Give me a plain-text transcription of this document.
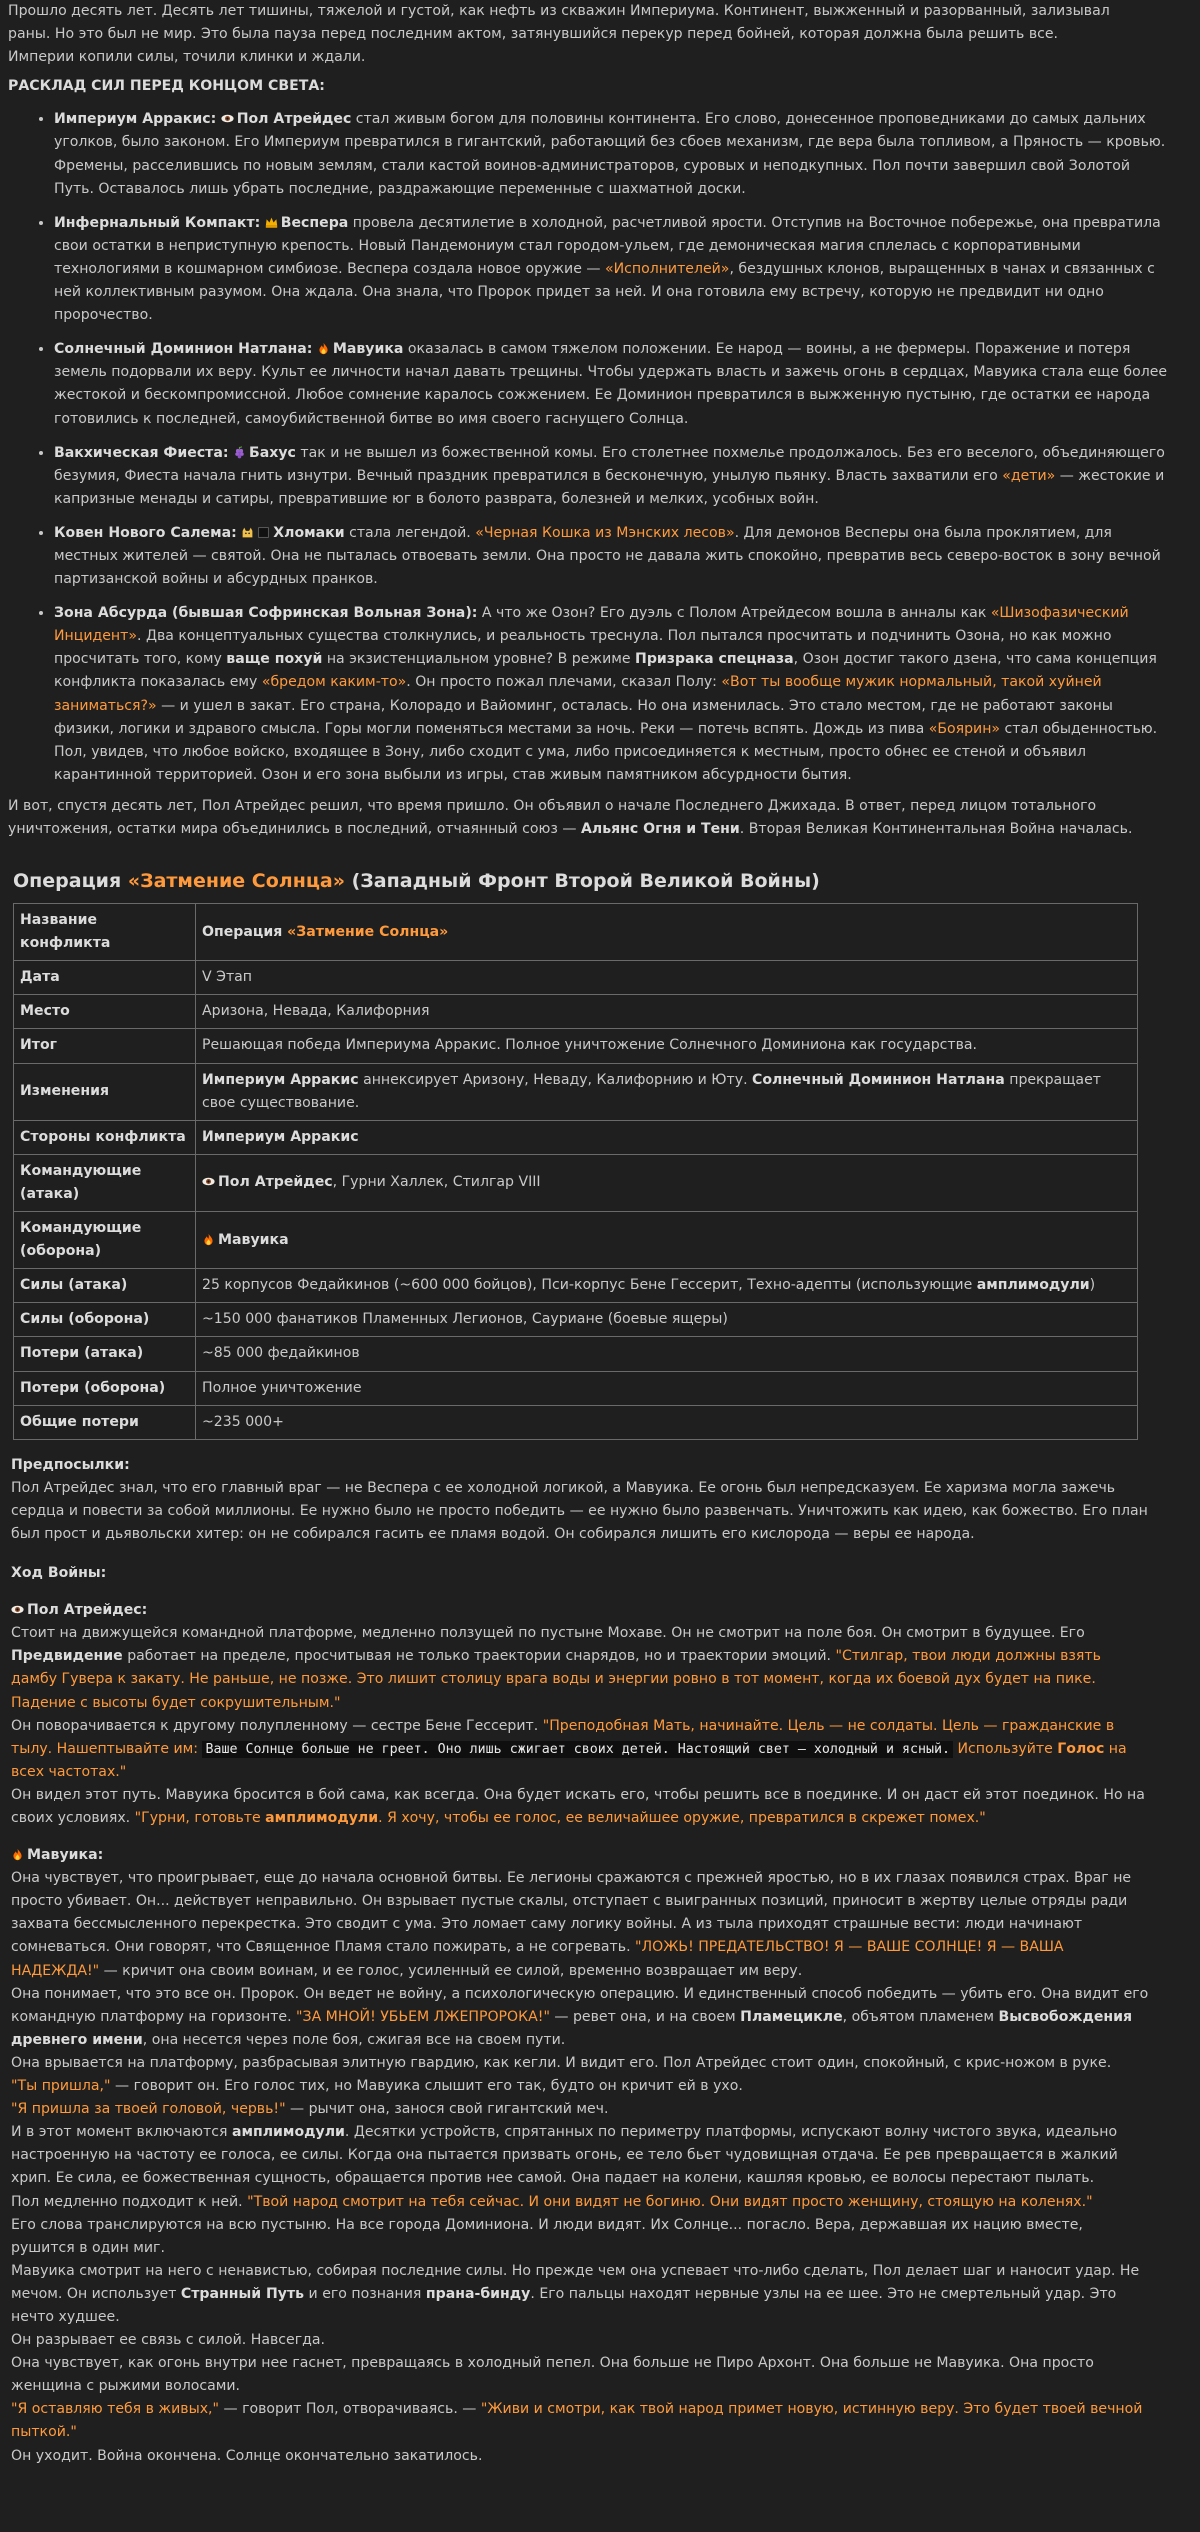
Прошло десять лет. Десять лет тишины, тяжелой и густой, как нефть из скважин Империума. Континент, выжженный и разорванный, зализывал

раны. Но это был не мир. Это была пауза перед последним актом, затянувшийся перекур перед бойней, которая должна была решить все.

Империи копили силы, точили клинки и ждали.

РАСКЛАД СИЛ ПЕРЕД КОНЦОМ СВЕТА:

• Империум Арракис: Пол Атрейдес стал живым богом для половины континента. Его слово, донесенное проповедниками до самых дальних уголков, было законом. Его Империум превратился в гигантский, работающий без сбоев механизм, где вера была топливом, а Пряность — кровью. Фремены, расселившись по новым землям, стали кастой воинов-администраторов, суровых и неподкупных. Пол почти завершил свой Золотой Путь. Оставалось лишь убрать последние, раздражающие переменные с шахматной доски.
• Инфернальный Компакт: Веспера провела десятилетие в холодной, расчетливой ярости. Отступив на Восточное побережье, она превратила свои остатки в неприступную крепость. Новый Пандемониум стал городом-ульем, где демоническая магия сплелась с корпоративными технологиями в кошмарном симбиозе. Веспера создала новое оружие — «Исполнителей», бездушных клонов, выращенных в чанах и связанных с ней коллективным разумом. Она ждала. Она знала, что Пророк придет за ней. И она готовила ему встречу, которую не предвидит ни одно пророчество.
• Солнечный Доминион Натлана: Мавуика оказалась в самом тяжелом положении. Ее народ — воины, а не фермеры. Поражение и потеря земель подорвали их веру. Культ ее личности начал давать трещины. Чтобы удержать власть и зажечь огонь в сердцах, Мавуика стала еще более жестокой и бескомпромиссной. Любое сомнение каралось сожжением. Ее Доминион превратился в выжженную пустыню, где остатки ее народа готовились к последней, самоубийственной битве во имя своего гаснущего Солнца.
• Вакхическая Фиеста: Бахус так и не вышел из божественной комы. Его столетнее похмелье продолжалось. Без его веселого, объединяющего безумия, Фиеста начала гнить изнутри. Вечный праздник превратился в бесконечную, унылую пьянку. Власть захватили его «дети» — жестокие и капризные менады и сатиры, превратившие юг в болото разврата, болезней и мелких, усобных войн.
• Ковен Нового Салема:	Хломаки стала легендой. «Черная Кошка из Мэнских лесов». Для демонов Весперы она была проклятием, для местных жителей — святой. Она не пыталась отвоевать земли. Она просто не давала жить спокойно, превратив весь северо-восток в зону вечной партизанской войны и абсурдных пранков.
• Зона Абсурда (бывшая Софринская Вольная Зона): А что же Озон? Его дуэль с Полом Атрейдесом вошла в анналы как «Шизофазический Инцидент». Два концептуальных существа столкнулись, и реальность треснула. Пол пытался просчитать и подчинить Озона, но как можно просчитать того, кому ваще похуй на экзистенциальном уровне? В режиме Призрака спецназа, Озон достиг такого дзена, что сама концепция конфликта показалась ему «бредом каким-то». Он просто пожал плечами, сказал Полу: «Вот ты вообще мужик нормальный, такой хуйней заниматься?» — и ушел в закат. Его страна, Колорадо и Вайоминг, осталась. Но она изменилась. Это стало местом, где не работают законы физики, логики и здравого смысла. Горы могли поменяться местами за ночь. Реки — потечь вспять. Дождь из пива «Боярин» стал обыденностью. Пол, увидев, что любое войско, входящее в Зону, либо сходит с ума, либо присоединяется к местным, просто обнес ее стеной и объявил карантинной территорией. Озон и его зона выбыли из игры, став живым памятником абсурдности бытия.

И вот, спустя десять лет, Пол Атрейдес решил, что время пришло. Он объявил о начале Последнего Джихада. В ответ, перед лицом тотального уничтожения, остатки мира объединились в последний, отчаянный союз — Альянс Огня и Тени. Вторая Великая Континентальная Война началась.

Операция «Затмение Солнца» (Западный Фронт Второй Великой Войны)
Название конфликта	Операция «Затмение Солнца»
Дата	V Этап
Место	Аризона, Невада, Калифорния
Итог	Решающая победа Империума Арракис. Полное уничтожение Солнечного Доминиона как государства.
Изменения	Империум Арракис аннексирует Аризону, Неваду, Калифорнию и Юту. Солнечный Доминион Натлана прекращает свое существование.
Стороны конфликта	Империум Арракис
Командующие (атака)	Пол Атрейдес, Гурни Халлек, Стилгар VIII
Командующие (оборона)	Мавуика
Силы (атака)	25 корпусов Федайкинов (~600 000 бойцов), Пси-корпус Бене Гессерит, Техно-адепты (использующие амплимодули)
Силы (оборона)	~150 000 фанатиков Пламенных Легионов, Сауриане (боевые ящеры)
Потери (атака)	~85 000 федайкинов
Потери (оборона)	Полное уничтожение
Общие потери	~235 000+

Предпосылки:

Пол Атрейдес знал, что его главный враг — не Веспера с ее холодной логикой, а Мавуика. Ее огонь был непредсказуем. Ее харизма могла зажечь сердца и повести за собой миллионы. Ее нужно было не просто победить — ее нужно было развенчать. Уничтожить как идею, как божество. Его план был прост и дьявольски хитер: он не собирался гасить ее пламя водой. Он собирался лишить его кислорода — веры ее народа.

Ход Войны:

Пол Атрейдес:

Стоит на движущейся командной платформе, медленно ползущей по пустыне Мохаве. Он не смотрит на поле боя. Он смотрит в будущее. Его Предвидение работает на пределе, просчитывая не только траектории снарядов, но и траектории эмоций. "Стилгар, твои люди должны взять дамбу Гувера к закату. Не раньше, не позже. Это лишит столицу врага воды и энергии ровно в тот момент, когда их боевой дух будет на пике. Падение с высоты будет сокрушительным."

Он поворачивается к другому полупленному — сестре Бене Гессерит. "Преподобная Мать, начинайте. Цель — не солдаты. Цель — гражданские в тылу. Нашептывайте им: Ваше Солнце больше не греет. Оно лишь сжигает своих детей. Настоящий свет — холодный и ясный. Используйте Голос на всех частотах."

Он видел этот путь. Мавуика бросится в бой сама, как всегда. Она будет искать его, чтобы решить все в поединке. И он даст ей этот поединок. Но на своих условиях. "Гурни, готовьте амплимодули. Я хочу, чтобы ее голос, ее величайшее оружие, превратился в скрежет помех."

Мавуика:

Она чувствует, что проигрывает, еще до начала основной битвы. Ее легионы сражаются с прежней яростью, но в их глазах появился страх. Враг не просто убивает. Он... действует неправильно. Он взрывает пустые скалы, отступает с выигранных позиций, приносит в жертву целые отряды ради захвата бессмысленного перекрестка. Это сводит с ума. Это ломает саму логику войны. А из тыла приходят страшные вести: люди начинают сомневаться. Они говорят, что Священное Пламя стало пожирать, а не согревать. "ЛОЖЬ! ПРЕДАТЕЛЬСТВО! Я — ВАШЕ СОЛНЦЕ! Я — ВАША НАДЕЖДА!" — кричит она своим воинам, и ее голос, усиленный ее силой, временно возвращает им веру.

Она понимает, что это все он. Пророк. Он ведет не войну, а психологическую операцию. И единственный способ победить — убить его. Она видит его командную платформу на горизонте. "ЗА МНОЙ! УБЬЕМ ЛЖЕПРОРОКА!" — ревет она, и на своем Пламецикле, объятом пламенем Высвобождения древнего имени, она несется через поле боя, сжигая все на своем пути.

Она врывается на платформу, разбрасывая элитную гвардию, как кегли. И видит его. Пол Атрейдес стоит один, спокойный, с крис-ножом в руке.

"Ты пришла," — говорит он. Его голос тих, но Мавуика слышит его так, будто он кричит ей в ухо.

"Я пришла за твоей головой, червь!" — рычит она, занося свой гигантский меч.

И в этот момент включаются амплимодули. Десятки устройств, спрятанных по периметру платформы, испускают волну чистого звука, идеально настроенную на частоту ее голоса, ее силы. Когда она пытается призвать огонь, ее тело бьет чудовищная отдача. Ее рев превращается в жалкий хрип. Ее сила, ее божественная сущность, обращается против нее самой. Она падает на колени, кашляя кровью, ее волосы перестают пылать.

Пол медленно подходит к ней. "Твой народ смотрит на тебя сейчас. И они видят не богиню. Они видят просто женщину, стоящую на коленях."

Его слова транслируются на всю пустыню. На все города Доминиона. И люди видят. Их Солнце... погасло. Вера, державшая их нацию вместе, рушится в один миг.

Мавуика смотрит на него с ненавистью, собирая последние силы. Но прежде чем она успевает что-либо сделать, Пол делает шаг и наносит удар. Не мечом. Он использует Странный Путь и его познания прана-бинду. Его пальцы находят нервные узлы на ее шее. Это не смертельный удар. Это нечто худшее.

Он разрывает ее связь с силой. Навсегда.

Она чувствует, как огонь внутри нее гаснет, превращаясь в холодный пепел. Она больше не Пиро Архонт. Она больше не Мавуика. Она просто женщина с рыжими волосами.

"Я оставляю тебя в живых," — говорит Пол, отворачиваясь. — "Живи и смотри, как твой народ примет новую, истинную веру. Это будет твоей вечной пыткой."

Он уходит. Война окончена. Солнце окончательно закатилось.
